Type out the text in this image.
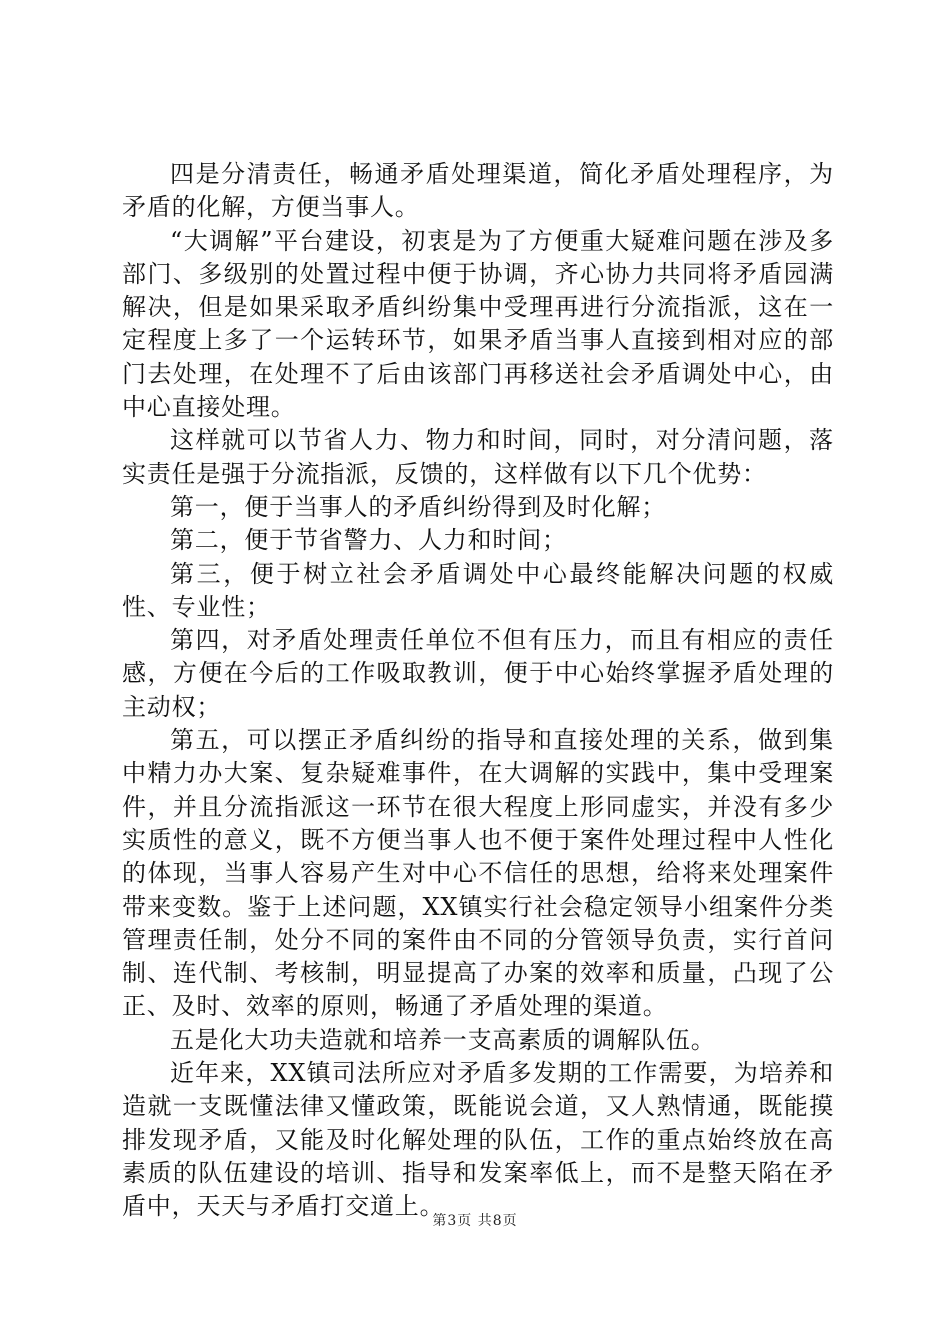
四是分清责任，畅通矛盾处理渠道，简化矛盾处理程序，为矛盾的化解，方便当事人。

“大调解”平台建设，初衷是为了方便重大疑难问题在涉及多部门、多级别的处置过程中便于协调，齐心协力共同将矛盾园满解决，但是如果采取矛盾纠纷集中受理再进行分流指派，这在一定程度上多了一个运转环节，如果矛盾当事人直接到相对应的部门去处理，在处理不了后由该部门再移送社会矛盾调处中心，由中心直接处理。

这样就可以节省人力、物力和时间，同时，对分清问题，落实责任是强于分流指派，反馈的，这样做有以下几个优势：

第一，便于当事人的矛盾纠纷得到及时化解；

第二，便于节省警力、人力和时间；

第三，便于树立社会矛盾调处中心最终能解决问题的权威性、专业性；

第四，对矛盾处理责任单位不但有压力，而且有相应的责任感，方便在今后的工作吸取教训，便于中心始终掌握矛盾处理的主动权；

第五，可以摆正矛盾纠纷的指导和直接处理的关系，做到集中精力办大案、复杂疑难事件，在大调解的实践中，集中受理案件，并且分流指派这一环节在很大程度上形同虚实，并没有多少实质性的意义，既不方便当事人也不便于案件处理过程中人性化的体现，当事人容易产生对中心不信任的思想，给将来处理案件带来变数。鉴于上述问题，XX镇实行社会稳定领导小组案件分类管理责任制，处分不同的案件由不同的分管领导负责，实行首问制、连代制、考核制，明显提高了办案的效率和质量，凸现了公正、及时、效率的原则，畅通了矛盾处理的渠道。

五是化大功夫造就和培养一支高素质的调解队伍。

近年来，XX镇司法所应对矛盾多发期的工作需要，为培养和造就一支既懂法律又懂政策，既能说会道，又人熟情通，既能摸排发现矛盾，又能及时化解处理的队伍，工作的重点始终放在高素质的队伍建设的培训、指导和发案率低上，而不是整天陷在矛盾中，天天与矛盾打交道上。

第3页 共8页
